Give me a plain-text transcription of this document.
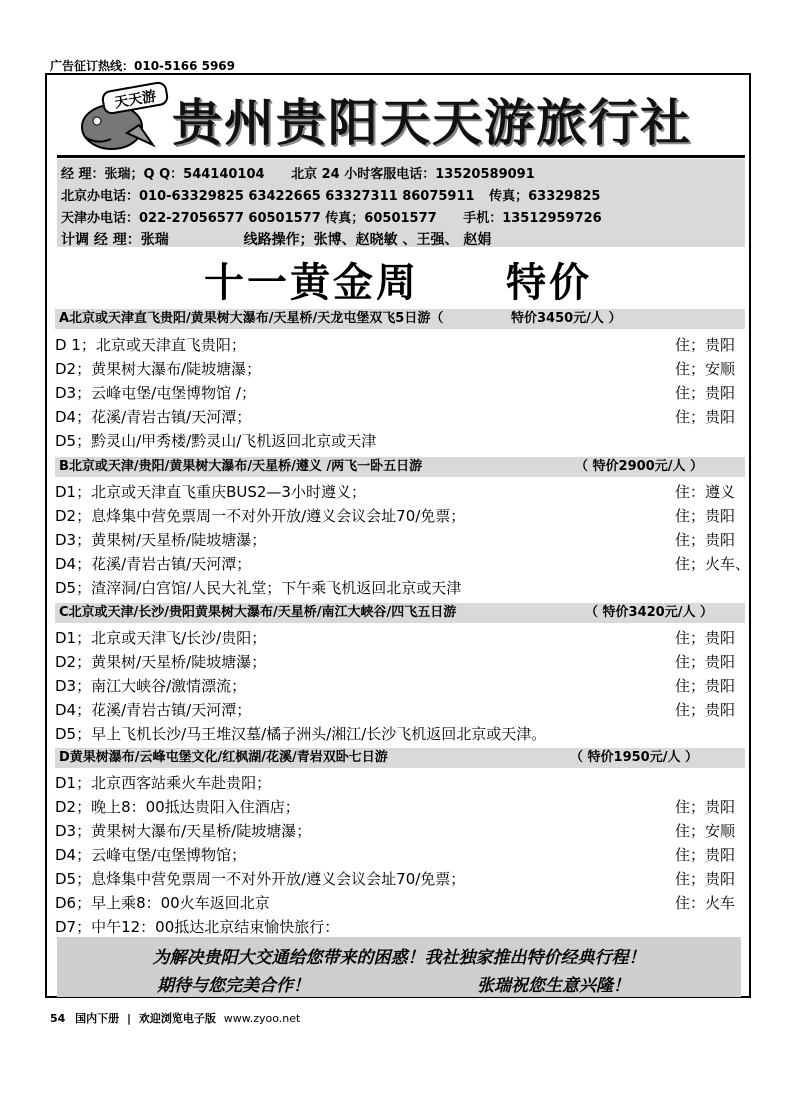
广告征订热线：010-5166 5969
天天游 贵州贵阳天天游旅行社
经 理：张瑞；Q Q：544140104 北京 24 小时客服电话：13520589091
北京办电话：010-63329825 63422665 63327311 86075911 传真；63329825
天津办电话：022-27056577 60501577 传真；60501577 手机：13512959726
计调 经 理：张瑞	线路操作；张博、赵晓敏 、王强、 赵娟
十一黄金周 特价
A北京或天津直飞贵阳/黄果树大瀑布/天星桥/天龙屯堡双飞5日游（	特价3450元/人 ）
D 1；北京或天津直飞贵阳；	住；贵阳
D2；黄果树大瀑布/陡坡塘瀑；	住；安顺
D3；云峰屯堡/屯堡博物馆 /；	住；贵阳
D4；花溪/青岩古镇/天河潭；	住；贵阳
D5；黔灵山/甲秀楼/黔灵山/飞机返回北京或天津
B北京或天津/贵阳/黄果树大瀑布/天星桥/遵义 /两飞一卧五日游	（ 特价2900元/人 ）
D1；北京或天津直飞重庆BUS2—3小时遵义；	住：遵义
D2；息烽集中营免票周一不对外开放/遵义会议会址70/免票；	住；贵阳
D3；黄果树/天星桥/陡坡塘瀑；	住；贵阳
D4；花溪/青岩古镇/天河潭；	住；火车、
D5；渣滓洞/白宫馆/人民大礼堂；下午乘飞机返回北京或天津
C北京或天津/长沙/贵阳黄果树大瀑布/天星桥/南江大峡谷/四飞五日游	（ 特价3420元/人 ）
D1；北京或天津飞/长沙/贵阳；	住；贵阳
D2；黄果树/天星桥/陡坡塘瀑；	住；贵阳
D3；南江大峡谷/激情漂流；	住；贵阳
D4；花溪/青岩古镇/天河潭；	住；贵阳
D5；早上飞机长沙/马王堆汉墓/橘子洲头/湘江/长沙飞机返回北京或天津。
D黄果树瀑布/云峰屯堡文化/红枫湖/花溪/青岩双卧七日游	（ 特价1950元/人 ）
D1；北京西客站乘火车赴贵阳；
D2；晚上8：00抵达贵阳入住酒店；	住；贵阳
D3；黄果树大瀑布/天星桥/陡坡塘瀑；	住；安顺
D4；云峰屯堡/屯堡博物馆；	住；贵阳
D5；息烽集中营免票周一不对外开放/遵义会议会址70/免票；	住；贵阳
D6；早上乘8：00火车返回北京	住：火车
D7；中午12：00抵达北京结束愉快旅行：
为解决贵阳大交通给您带来的困惑！我社独家推出特价经典行程！
期待与您完美合作！	张瑞祝您生意兴隆！
54 国内下册 | 欢迎浏览电子版 www.zyoo.net
